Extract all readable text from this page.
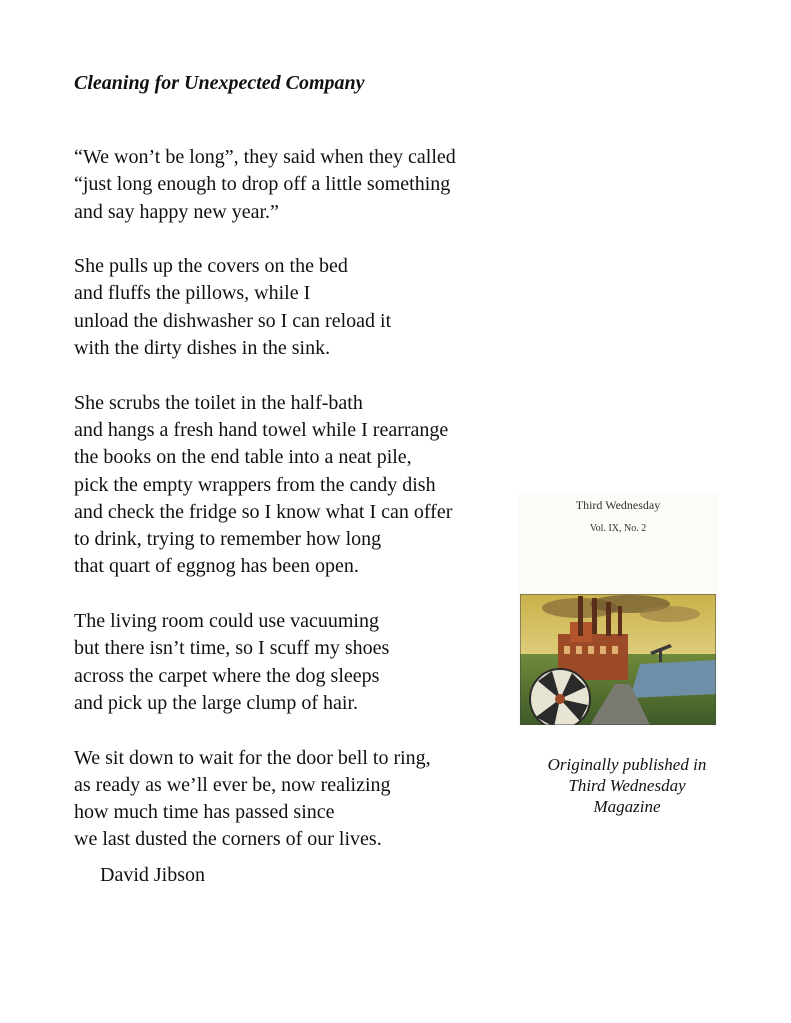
Cleaning for Unexpected Company

“We won’t be long”, they said when they called
“just long enough to drop off a little something
and say happy new year.”

She pulls up the covers on the bed
and fluffs the pillows, while I
unload the dishwasher so I can reload it
with the dirty dishes in the sink.

She scrubs the toilet in the half-bath
and hangs a fresh hand towel while I rearrange
the books on the end table into a neat pile,
pick the empty wrappers from the candy dish
and check the fridge so I know what I can offer
to drink, trying to remember how long
that quart of eggnog has been open.

The living room could use vacuuming
but there isn’t time, so I scuff my shoes
across the carpet where the dog sleeps
and pick up the large clump of hair.

We sit down to wait for the door bell to ring,
as ready as we’ll ever be, now realizing
how much time has passed since
we last dusted the corners of our lives.

David Jibson
Third Wednesday
Vol. IX, No. 2
Originally published in
Third Wednesday
Magazine
